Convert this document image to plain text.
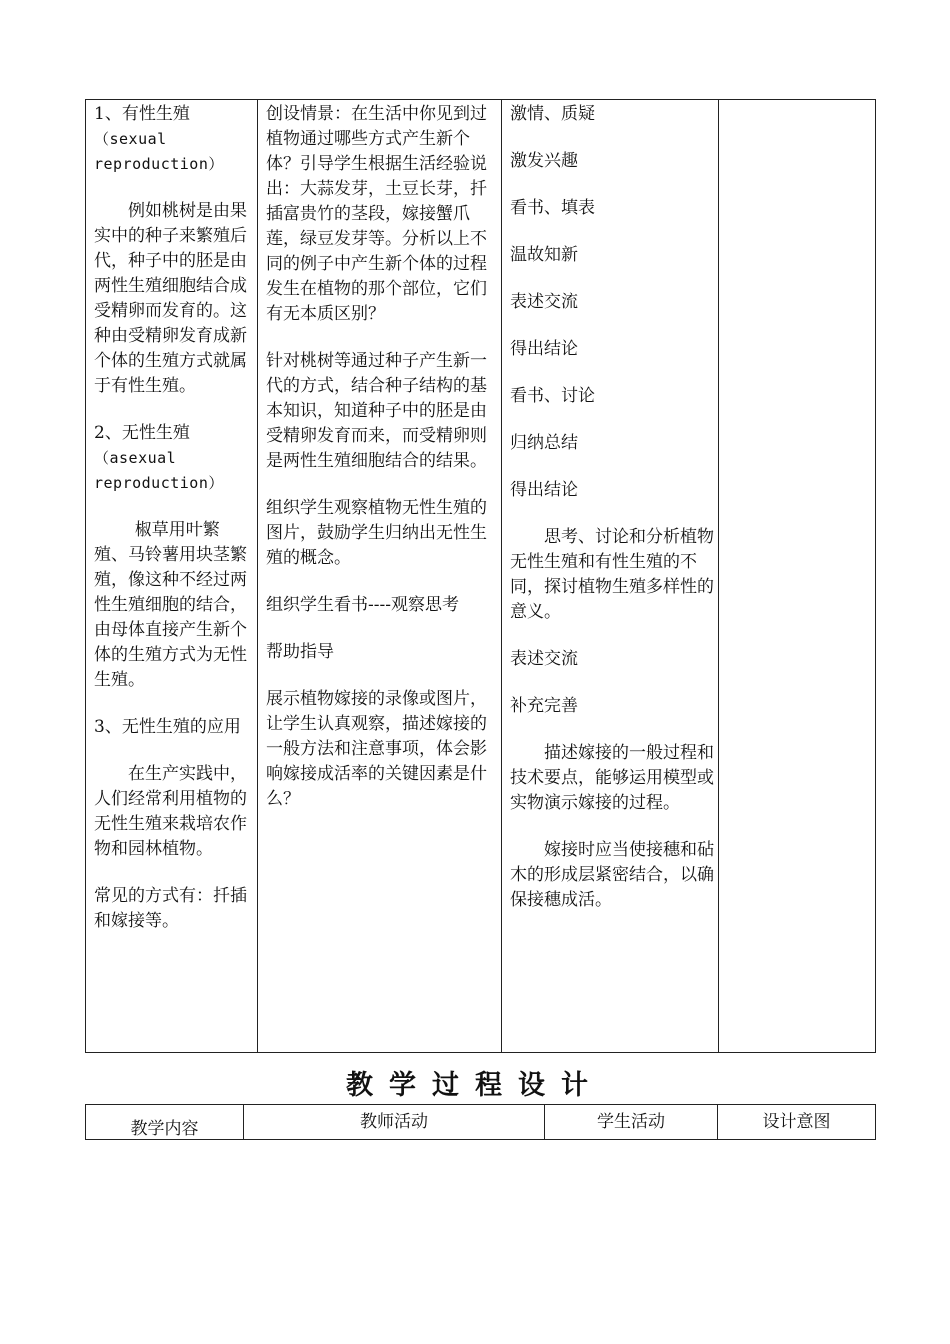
1、有性生殖
（sexual reproduction）
例如桃树是由果实中的种子来繁殖后代，种子中的胚是由两性生殖细胞结合成受精卵而发育的。这种由受精卵发育成新个体的生殖方式就属于有性生殖。
2、无性生殖
（asexual reproduction）
椒草用叶繁殖、马铃薯用块茎繁殖，像这种不经过两性生殖细胞的结合，由母体直接产生新个体的生殖方式为无性生殖。
3、无性生殖的应用
在生产实践中，人们经常利用植物的无性生殖来栽培农作物和园林植物。
常见的方式有：扦插和嫁接等。

创设情景：在生活中你见到过植物通过哪些方式产生新个体？引导学生根据生活经验说出：大蒜发芽，土豆长芽，扦插富贵竹的茎段，嫁接蟹爪莲，绿豆发芽等。分析以上不同的例子中产生新个体的过程发生在植物的那个部位，它们有无本质区别？
针对桃树等通过种子产生新一代的方式，结合种子结构的基本知识，知道种子中的胚是由受精卵发育而来，而受精卵则是两性生殖细胞结合的结果。
组织学生观察植物无性生殖的图片，鼓励学生归纳出无性生殖的概念。
组织学生看书----观察思考
帮助指导
展示植物嫁接的录像或图片，让学生认真观察，描述嫁接的一般方法和注意事项，体会影响嫁接成活率的关键因素是什么？

激情、质疑
激发兴趣
看书、填表
温故知新
表述交流
得出结论
看书、讨论
归纳总结
得出结论
思考、讨论和分析植物无性生殖和有性生殖的不同，探讨植物生殖多样性的意义。
表述交流
补充完善
描述嫁接的一般过程和技术要点，能够运用模型或实物演示嫁接的过程。
嫁接时应当使接穗和砧木的形成层紧密结合，以确保接穗成活。

教学过程设计
教学内容	教师活动	学生活动	设计意图
